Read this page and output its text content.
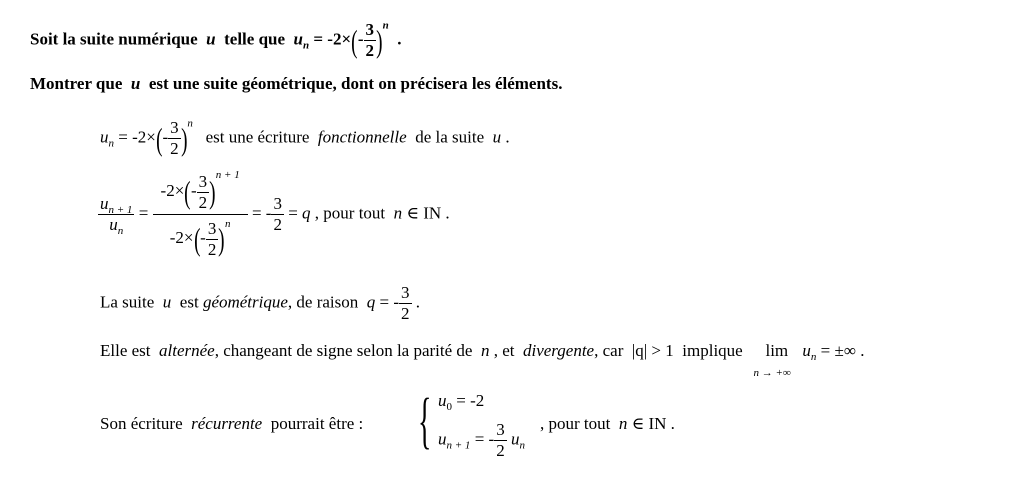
Soit la suite numérique u telle que $u_n = -2\times(- \frac{3}{2} )^n$  .
Montrer que u est une suite géométrique, dont on précisera les éléments.
$u_n = -2\times(- \frac{3}{2} )^n$   est une écriture fonctionnelle de la suite u .
$\frac{u_{n + 1}}{u_n} = \frac{-2\times(- \frac{3}{2} )^{n + 1}}{-2\times(- \frac{3}{2} )^n}$ = - $\frac{3}{2} = q$ , pour tout n ∈ IN .
La suite u est géométrique, de raison q = - $\frac{3}{2}$ .
Elle est alternée, changeant de signe selon la parité de n , et divergente, car |q| > 1 implique lim
n → +∞
$u_n$ = ±∞ .
Son écriture récurrente pourrait être : { $u_0 = -2$
$u_{n + 1}$ = - $\frac{3}{2} u_n$
, pour tout n ∈ IN .
